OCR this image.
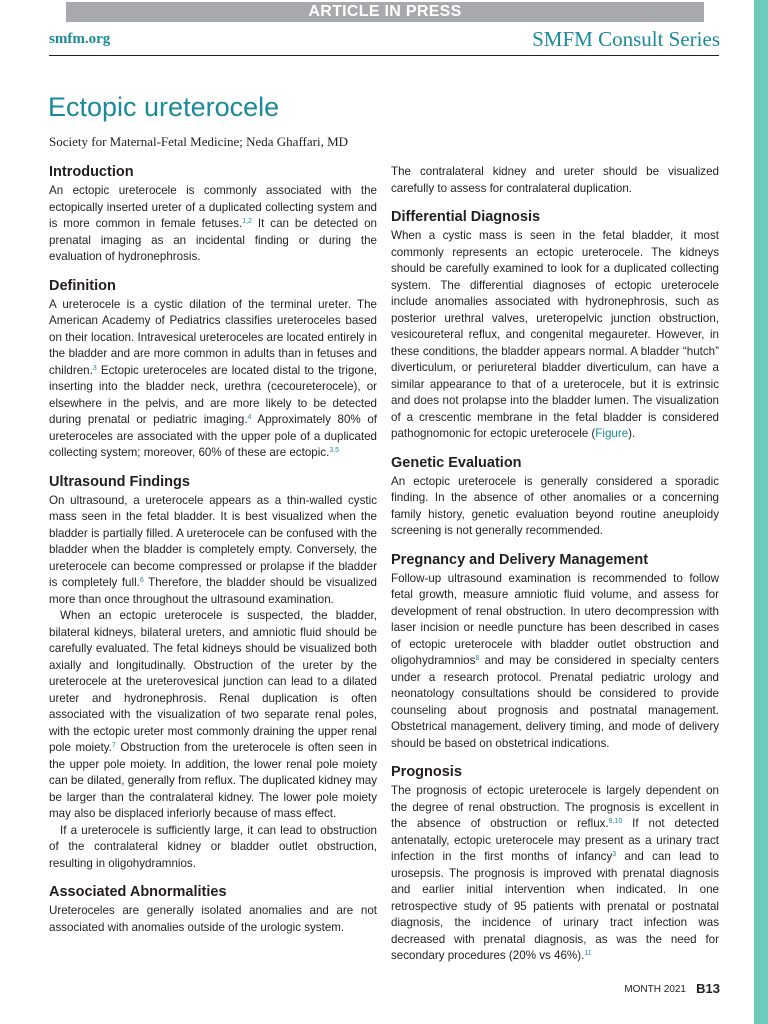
ARTICLE IN PRESS
smfm.org	SMFM Consult Series
Ectopic ureterocele

Society for Maternal-Fetal Medicine; Neda Ghaffari, MD

Introduction

An ectopic ureterocele is commonly associated with the ectopically inserted ureter of a duplicated collecting system and is more common in female fetuses.$^{1,2}$ It can be detected on prenatal imaging as an incidental finding or during the evaluation of hydronephrosis.

Definition

A ureterocele is a cystic dilation of the terminal ureter. The American Academy of Pediatrics classifies ureteroceles based on their location. Intravesical ureteroceles are located entirely in the bladder and are more common in adults than in fetuses and children.$^3$ Ectopic ureteroceles are located distal to the trigone, inserting into the bladder neck, urethra (cecoureterocele), or elsewhere in the pelvis, and are more likely to be detected during prenatal or pediatric imaging.$^4$ Approximately 80% of ureteroceles are associated with the upper pole of a duplicated collecting system; moreover, 60% of these are ectopic.$^{3,5}$

Ultrasound Findings

On ultrasound, a ureterocele appears as a thin-walled cystic mass seen in the fetal bladder. It is best visualized when the bladder is partially filled. A ureterocele can be confused with the bladder when the bladder is completely empty. Conversely, the ureterocele can become compressed or prolapse if the bladder is completely full.$^6$ Therefore, the bladder should be visualized more than once throughout the ultrasound examination.

When an ectopic ureterocele is suspected, the bladder, bilateral kidneys, bilateral ureters, and amniotic fluid should be carefully evaluated. The fetal kidneys should be visualized both axially and longitudinally. Obstruction of the ureter by the ureterocele at the ureterovesical junction can lead to a dilated ureter and hydronephrosis. Renal duplication is often associated with the visualization of two separate renal poles, with the ectopic ureter most commonly draining the upper renal pole moiety.$^7$ Obstruction from the ureterocele is often seen in the upper pole moiety. In addition, the lower renal pole moiety can be dilated, generally from reflux. The duplicated kidney may be larger than the contralateral kidney. The lower pole moiety may also be displaced inferiorly because of mass effect.

If a ureterocele is sufficiently large, it can lead to obstruction of the contralateral kidney or bladder outlet obstruction, resulting in oligohydramnios.

Associated Abnormalities

Ureteroceles are generally isolated anomalies and are not associated with anomalies outside of the urologic system.

The contralateral kidney and ureter should be visualized carefully to assess for contralateral duplication.

Differential Diagnosis

When a cystic mass is seen in the fetal bladder, it most commonly represents an ectopic ureterocele. The kidneys should be carefully examined to look for a duplicated collecting system. The differential diagnoses of ectopic ureterocele include anomalies associated with hydronephrosis, such as posterior urethral valves, ureteropelvic junction obstruction, vesicoureteral reflux, and congenital megaureter. However, in these conditions, the bladder appears normal. A bladder “hutch” diverticulum, or periureteral bladder diverticulum, can have a similar appearance to that of a ureterocele, but it is extrinsic and does not prolapse into the bladder lumen. The visualization of a crescentic membrane in the fetal bladder is considered pathognomonic for ectopic ureterocele (Figure).

Genetic Evaluation

An ectopic ureterocele is generally considered a sporadic finding. In the absence of other anomalies or a concerning family history, genetic evaluation beyond routine aneuploidy screening is not generally recommended.

Pregnancy and Delivery Management

Follow-up ultrasound examination is recommended to follow fetal growth, measure amniotic fluid volume, and assess for development of renal obstruction. In utero decompression with laser incision or needle puncture has been described in cases of ectopic ureterocele with bladder outlet obstruction and oligohydramnios$^8$ and may be considered in specialty centers under a research protocol. Prenatal pediatric urology and neonatology consultations should be considered to provide counseling about prognosis and postnatal management. Obstetrical management, delivery timing, and mode of delivery should be based on obstetrical indications.

Prognosis

The prognosis of ectopic ureterocele is largely dependent on the degree of renal obstruction. The prognosis is excellent in the absence of obstruction or reflux.$^{9,10}$ If not detected antenatally, ectopic ureterocele may present as a urinary tract infection in the first months of infancy$^3$ and can lead to urosepsis. The prognosis is improved with prenatal diagnosis and earlier initial intervention when indicated. In one retrospective study of 95 patients with prenatal or postnatal diagnosis, the incidence of urinary tract infection was decreased with prenatal diagnosis, as was the need for secondary procedures (20% vs 46%).$^{11}$

MONTH 2021 B13
